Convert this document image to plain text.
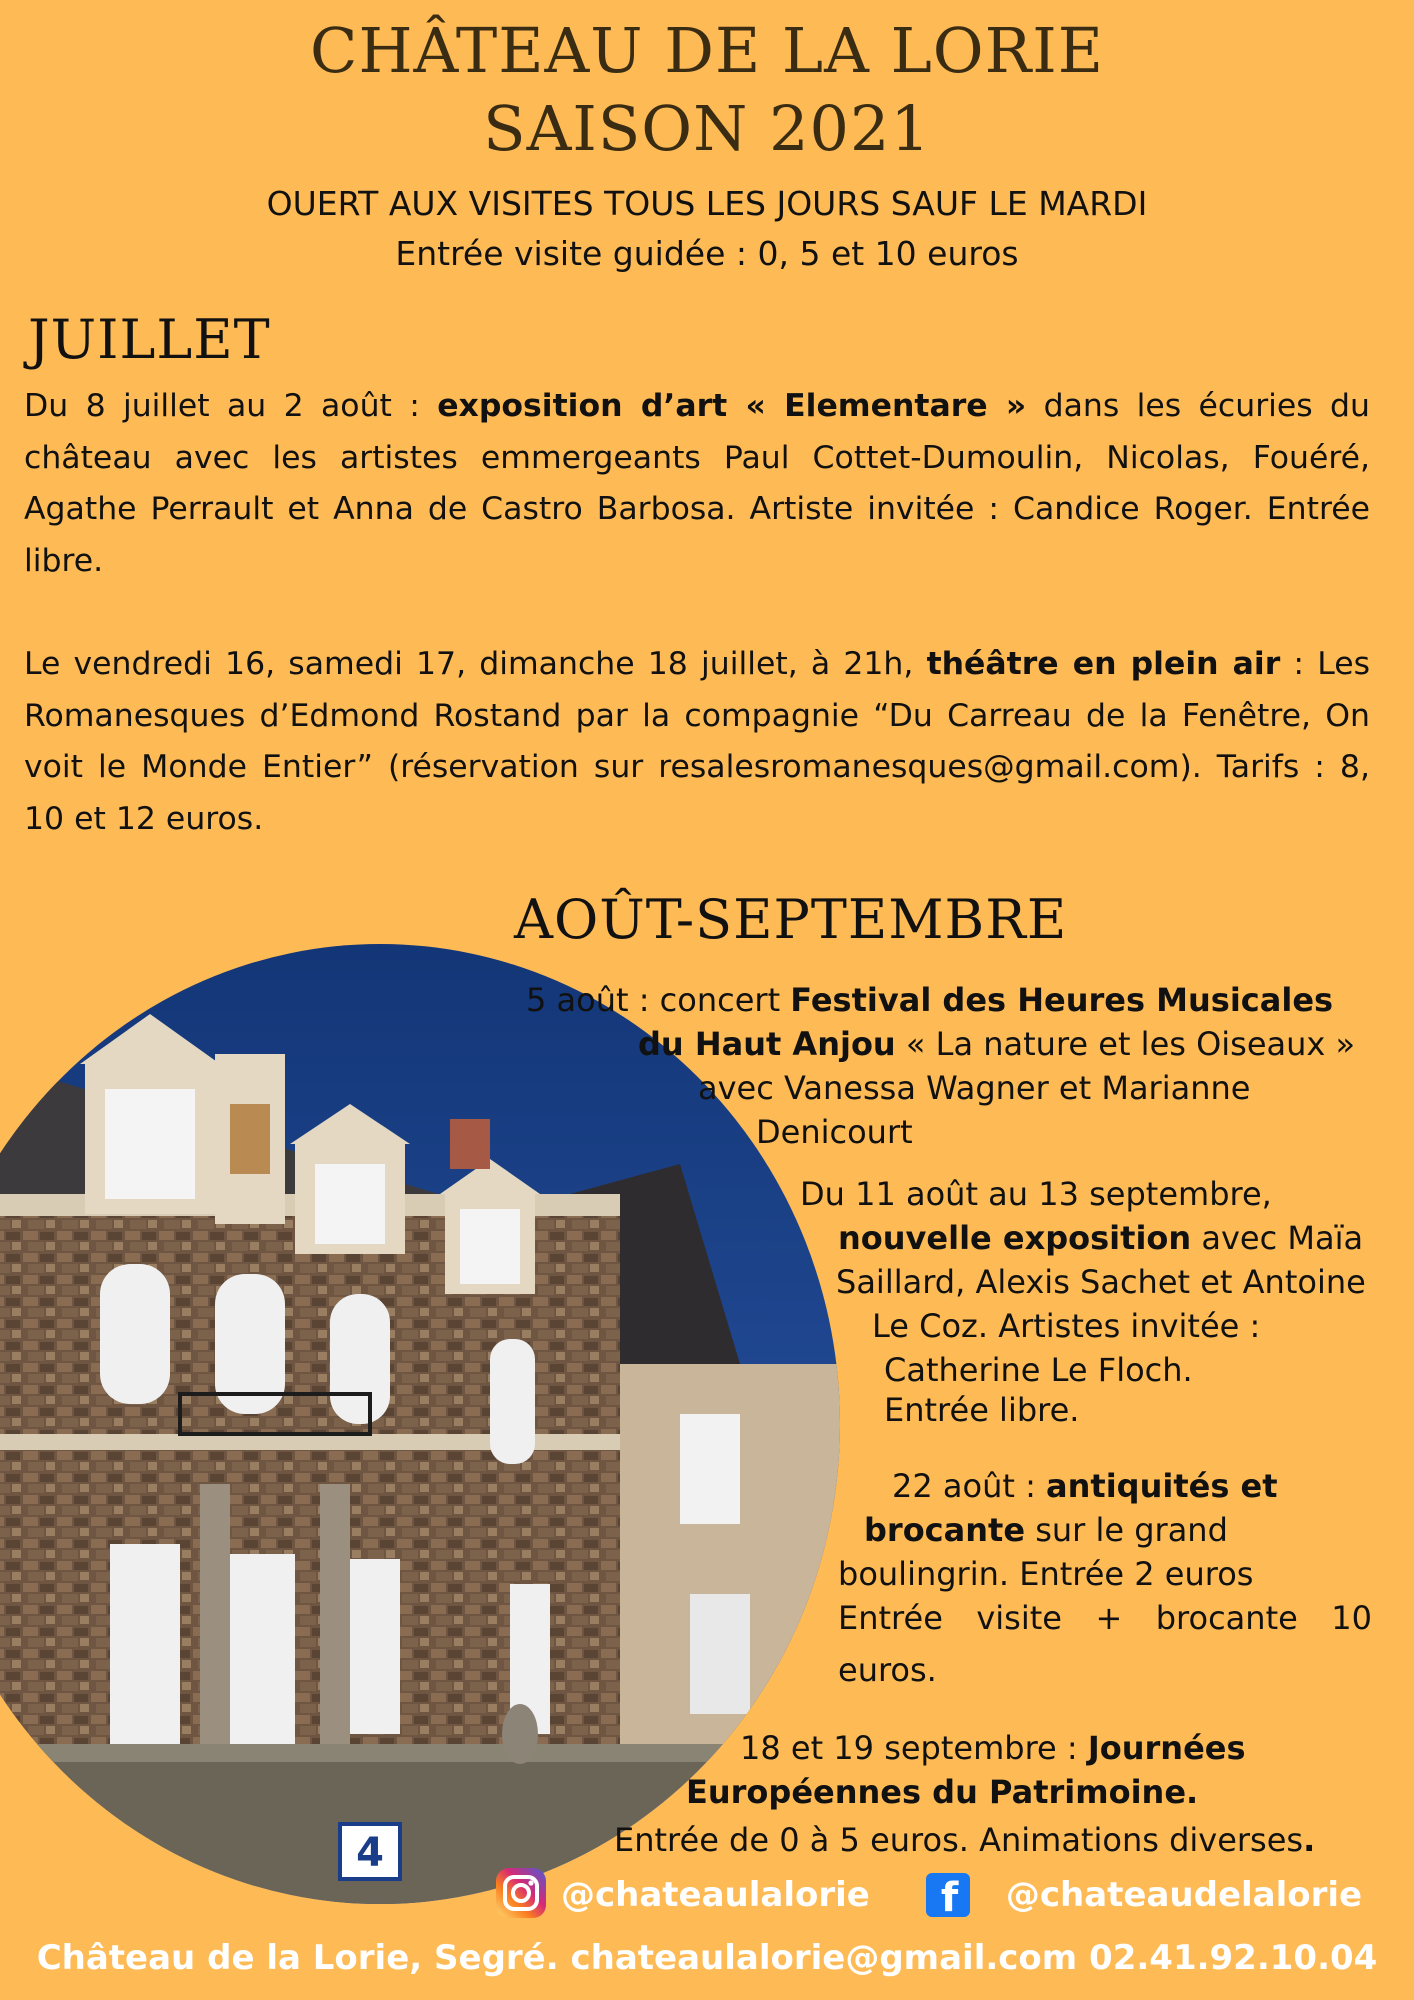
CHÂTEAU DE LA LORIE
SAISON 2021
OUERT AUX VISITES TOUS LES JOURS SAUF LE MARDI
Entrée visite guidée : 0, 5 et 10 euros
JUILLET
Du 8 juillet au 2 août : exposition d’art « Elementare » dans les écuries du château avec les artistes emmergeants Paul Cottet-Dumoulin, Nicolas, Fouéré, Agathe Perrault et Anna de Castro Barbosa. Artiste invitée : Candice Roger. Entrée libre.
Le vendredi 16, samedi 17, dimanche 18 juillet, à 21h, théâtre en plein air : Les Romanesques d’Edmond Rostand par la compagnie “Du Carreau de la Fenêtre, On voit le Monde Entier” (réservation sur resalesromanesques@gmail.com). Tarifs : 8, 10 et 12 euros.
AOÛT-SEPTEMBRE
4
5 août : concert Festival des Heures Musicales
du Haut Anjou « La nature et les Oiseaux »
avec Vanessa Wagner et Marianne
Denicourt
Du 11 août au 13 septembre,
nouvelle exposition avec Maïa
Saillard, Alexis Sachet et Antoine
Le Coz. Artistes invitée :
Catherine Le Floch.
Entrée libre.
22 août : antiquités et
brocante sur le grand
boulingrin. Entrée 2 euros
Entrée visite + brocante 10
euros.
18 et 19 septembre : Journées
Européennes du Patrimoine.
Entrée de 0 à 5 euros. Animations diverses.
@chateaulalorie f @chateaudelalorie
Château de la Lorie, Segré. chateaulalorie@gmail.com 02.41.92.10.04
